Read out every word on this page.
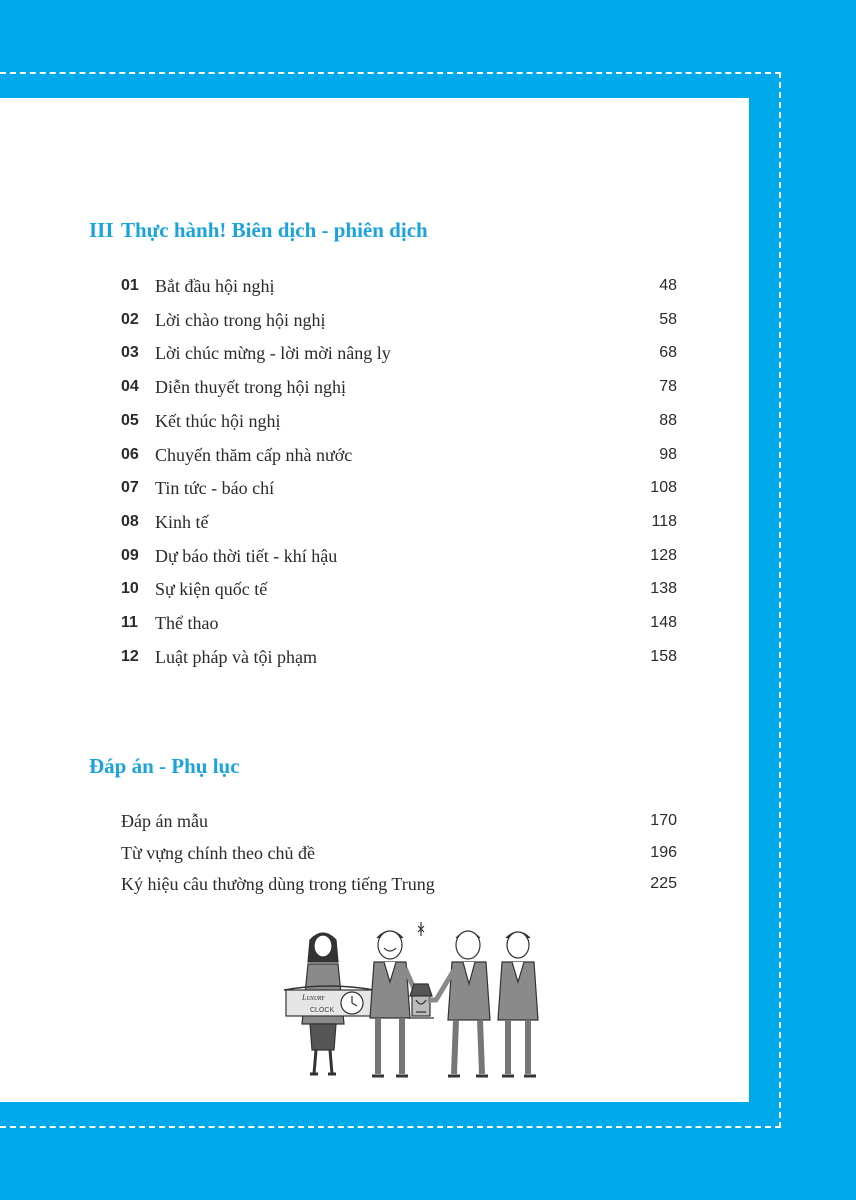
III Thực hành! Biên dịch - phiên dịch
01 Bắt đầu hội nghị	48
02 Lời chào trong hội nghị	58
03 Lời chúc mừng - lời mời nâng ly	68
04 Diễn thuyết trong hội nghị	78
05 Kết thúc hội nghị	88
06 Chuyến thăm cấp nhà nước	98
07 Tin tức - báo chí	108
08 Kinh tế	118
09 Dự báo thời tiết - khí hậu	128
10 Sự kiện quốc tế	138
11 Thể thao	148
12 Luật pháp và tội phạm	158
Đáp án - Phụ lục
Đáp án mẫu	170
Từ vựng chính theo chủ đề	196
Ký hiệu câu thường dùng trong tiếng Trung	225
Lᴜxᴜʀʏ
CLOCK
